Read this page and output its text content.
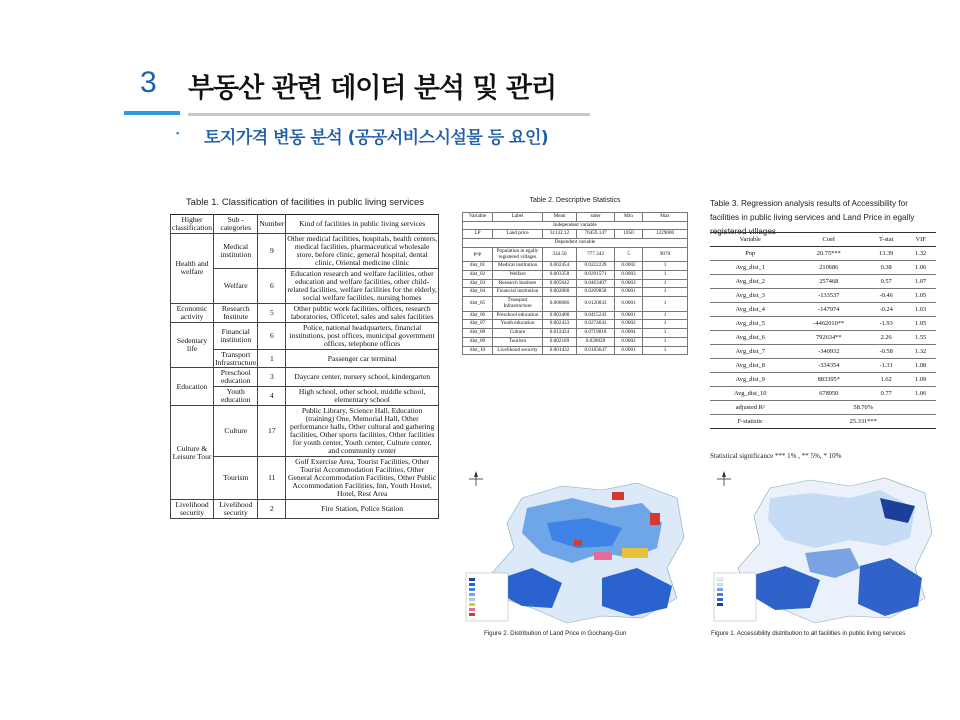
3 부동산 관련 데이터 분석 및 관리
▪ 토지가격 변동 분석 (공공서비스시설물 등 요인)
Table 1. Classification of facilities in public living services
Higher classification	Sub -categories	Number	Kind of facilities in public living services
Health and welfare	Medical institution	9	Other medical facilities, hospitals, health centers, medical facilities, pharmaceutical wholesale store, before clinic, general hospital, dental clinic, Oriental medicine clinic
	Welfare	6	Education research and welfare facilities, other education and welfare facilities, other child-related facilities, welfare facilities for the elderly, social welfare facilities, nursing homes
Economic activity	Research Institute	5	Other public work facilities, offices, research laboratories, Officetel, sales and sales facilities
Sedentary life	Financial institution	6	Police, national headquarters, financial institutions, post offices, municipal government offices, telephone offices
	Transport Infrastructure	1	Passenger car terminal
Education	Preschool education	3	Daycare center, nursery school, kindergarten
	Youth education	4	High school, other school, middle school, elementary school
Culture & Leisure Tour	Culture	17	Public Library, Science Hall, Education (training) One, Memorial Hall, Other performance halls, Other cultural and gathering facilities, Other sports facilities, Other facilities for youth center, Youth center, Culture center, and community center
	Tourism	11	Golf Exercise Area, Tourist Facilities, Other Tourist Accommodation Facilities, Other General Accommodation Facilities, Other Public Accommodation Facilities, Inn, Youth Hostel, Hotel, Rest Area
Livelihood security	Livelihood security	2	Fire Station, Police Station
Table 2. Descriptive Statistics
Variable	Label	Mean	stder	Min	Max
Independent variable					
LP	Land price	31132.12	76459.147	1050	1229000
Dependent variable					
pop	Population in egally registered villages	334.50	777.342	5	9070
dist_01	Medical institution	0.002454	0.0222239	0.0002	1
dist_02	Welfare	0.003358	0.0291571	0.0003	1
dist_03	Research Institute	0.005642	0.0463407	0.0003	1
dist_04	Financial institution	0.002068	0.0209858	0.0001	1
dist_05	Transport Infrastructure	0.000686	0.0120833	0.0001	1
dist_06	Preschool education	0.003408	0.0415243	0.0001	1
dist_07	Youth education	0.002433	0.0274643	0.0002	1
dist_08	Culture	0.012424	0.0719818	0.0004	1
dist_09	Tourism	0.002169	0.028028	0.0002	1
dist_10	Livelihood security	0.001432	0.0183647	0.0001	1
Table 3. Regression analysis results of Accessibility for facilities in public living services and Land Price in egally registered villages
Variable	Coef	T-stat	VIF
Pop	20.75***	13.39	1.32
Avg_dist_1	210686	0.38	1.06
Avg_dist_2	257468	0.57	1.07
Avg_dist_3	-133537	-0.46	1.05
Avg_dist_4	-147974	-0.24	1.03
Avg_dist_5	-4462010**	-1.93	1.05
Avg_dist_6	792634**	2.26	1.55
Avg_dist_7	-340932	-0.58	1.32
Avg_dist_8	-334354	-1.31	1.08
Avg_dist_9	883395*	1.62	1.09
Avg_dist_10	678950	0.77	1.06
adjusted R²	58.70%		
F-statistic	25.331***		
Statistical significance *** 1% , ** 5%, * 10%
Figure 2. Distribution of Land Price in Gochang-Gun	Figure 1. Accessibility distribution to all facilities in public living services
